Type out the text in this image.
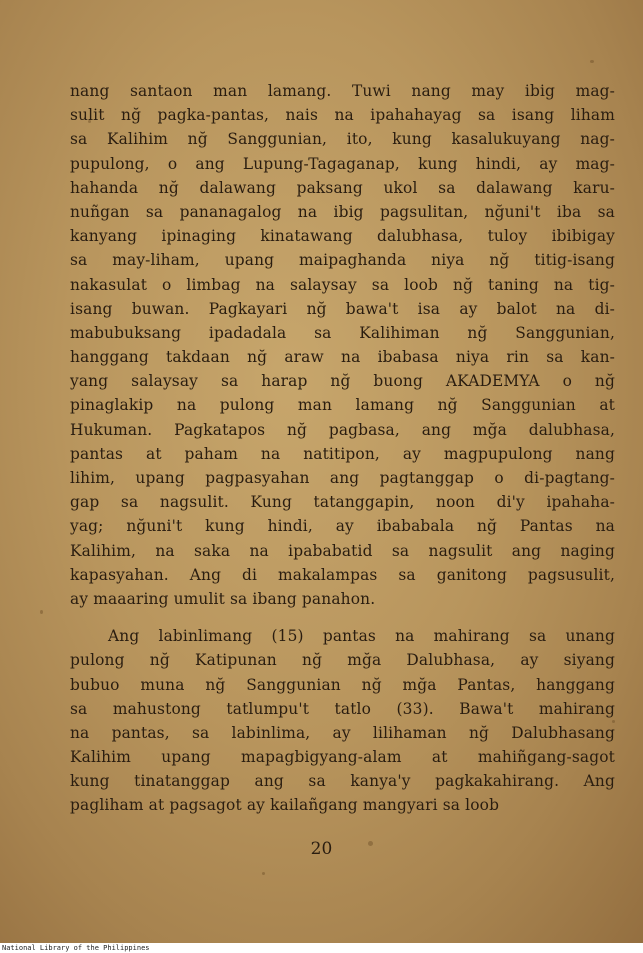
nang santaon man lamang. Tuwi nang may ibig mag-
sulit nğ pagka-pantas, nais na ipahahayag sa isang liham
sa Kalihim nğ Sanggunian, ito, kung kasalukuyang nag-
pupulong, o ang Lupung-Tagaganap, kung hindi, ay mag-
hahanda nğ dalawang paksang ukol sa dalawang karu-
nuñgan sa pananagalog na ibig pagsulitan, nğuni't iba sa
kanyang ipinaging kinatawang dalubhasa, tuloy ibibigay
sa may-liham, upang maipaghanda niya nğ titig-isang
nakasulat o limbag na salaysay sa loob nğ taning na tig-
isang buwan. Pagkayari nğ bawa't isa ay balot na di-
mabubuksang ipadadala sa Kalihiman nğ Sanggunian,
hanggang takdaan nğ araw na ibabasa niya rin sa kan-
yang salaysay sa harap nğ buong AKADEMYA o nğ
pinaglakip na pulong man lamang nğ Sanggunian at
Hukuman. Pagkatapos nğ pagbasa, ang mğa dalubhasa,
pantas at paham na natitipon, ay magpupulong nang
lihim, upang pagpasyahan ang pagtanggap o di-pagtang-
gap sa nagsulit. Kung tatanggapin, noon di'y ipahaha-
yag; nğuni't kung hindi, ay ibababala nğ Pantas na
Kalihim, na saka na ipababatid sa nagsulit ang naging
kapasyahan. Ang di makalampas sa ganitong pagsusulit,
ay maaaring umulit sa ibang panahon.

Ang labinlimang (15) pantas na mahirang sa unang
pulong nğ Katipunan nğ mğa Dalubhasa, ay siyang
bubuo muna nğ Sanggunian nğ mğa Pantas, hanggang
sa mahustong tatlumpu't tatlo (33). Bawa't mahirang
na pantas, sa labinlima, ay lilihaman nğ Dalubhasang
Kalihim upang mapagbigyang-alam at mahiñgang-sagot
kung tinatanggap ang sa kanya'y pagkakahirang. Ang
pagliham at pagsagot ay kailañgang mangyari sa loob

20
National Library of the Philippines
